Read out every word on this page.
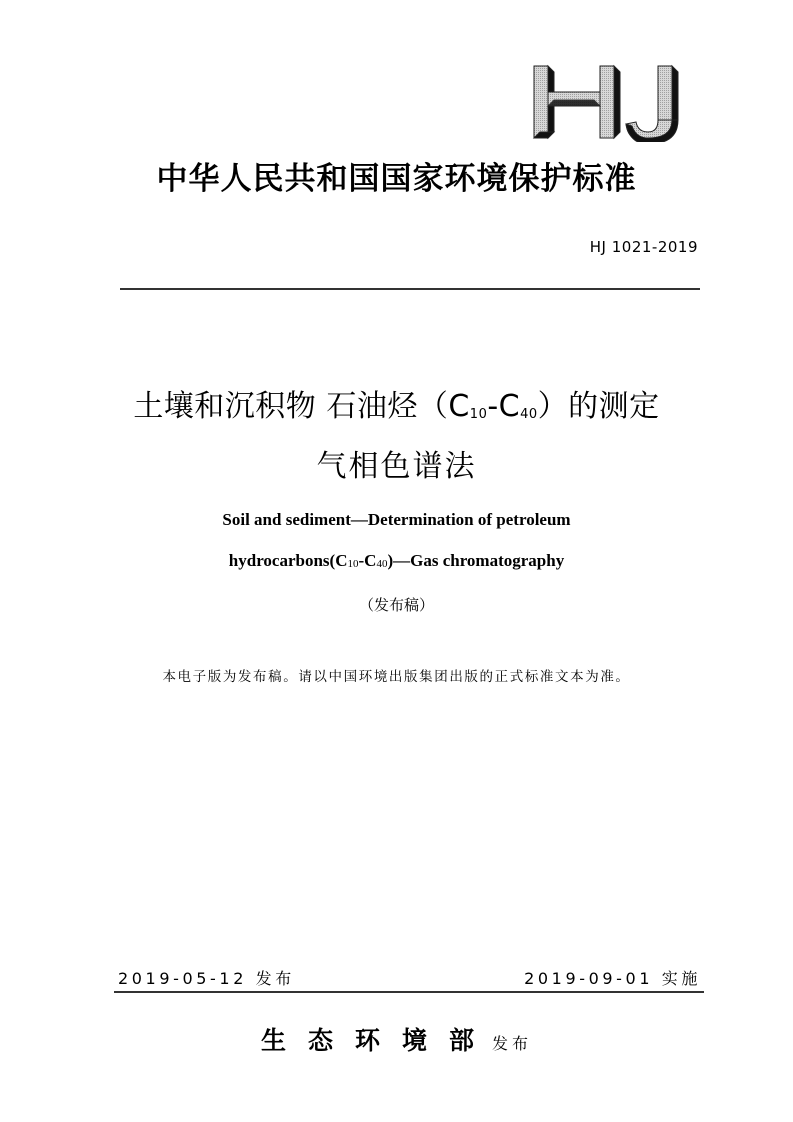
中华人民共和国国家环境保护标准
HJ 1021-2019
土壤和沉积物 石油烃$(C_{10}-C_{40})$的测定
气相色谱法
Soil and sediment—Determination of petroleum
$hydrocarbons(C_{10}-C_{40})—Gas$ chromatography
（发布稿）
本电子版为发布稿。请以中国环境出版集团出版的正式标准文本为准。
2019-05-12 发布	2019-09-01 实施
生态环境部发布
